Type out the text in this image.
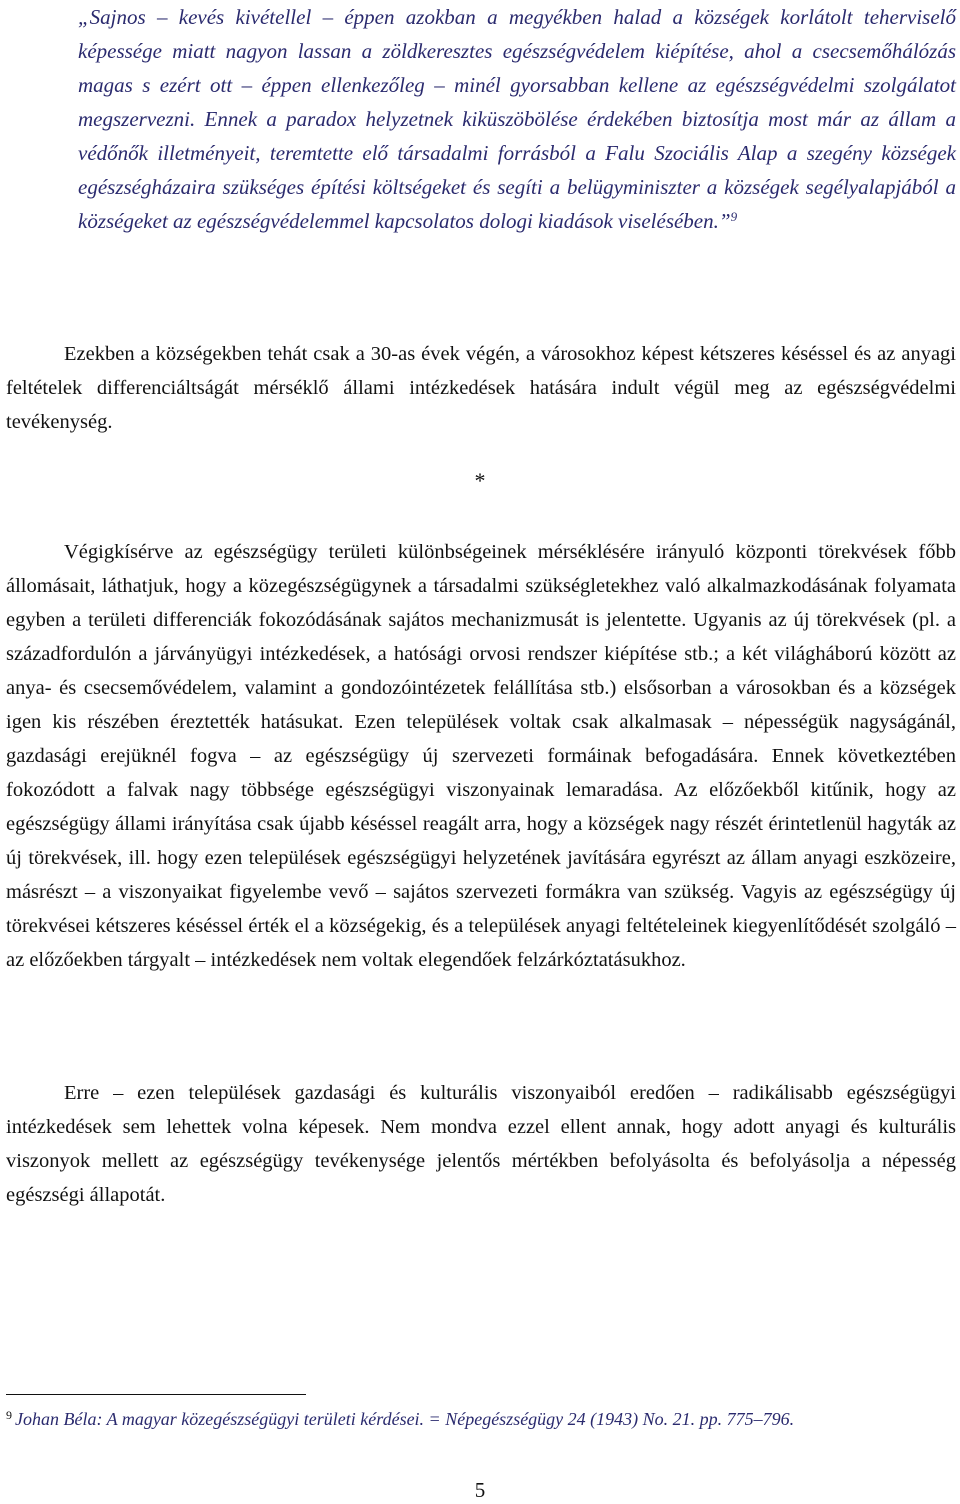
„Sajnos – kevés kivétellel – éppen azokban a megyékben halad a községek korlátolt teherviselő képessége miatt nagyon lassan a zöldkeresztes egészségvédelem kiépítése, ahol a csecsemőhálózás magas s ezért ott – éppen ellenkezőleg – minél gyorsabban kellene az egészségvédelmi szolgálatot megszervezni. Ennek a paradox helyzetnek kiküszöbölése érdekében biztosítja most már az állam a védőnők illetményeit, teremtette elő társadalmi forrásból a Falu Szociális Alap a szegény községek egészségházaira szükséges építési költségeket és segíti a belügyminiszter a községek segélyalapjából a községeket az egészségvédelemmel kapcsolatos dologi kiadások viselésében.”$^9$

Ezekben a községekben tehát csak a 30-as évek végén, a városokhoz képest kétszeres késéssel és az anyagi feltételek differenciáltságát mérséklő állami intézkedések hatására indult végül meg az egészségvédelmi tevékenység.

*

Végigkísérve az egészségügy területi különbségeinek mérséklésére irányuló központi törekvések főbb állomásait, láthatjuk, hogy a közegészségügynek a társadalmi szükségletekhez való alkalmazkodásának folyamata egyben a területi differenciák fokozódásának sajátos mechanizmusát is jelentette. Ugyanis az új törekvések (pl. a századfordulón a járványügyi intézkedések, a hatósági orvosi rendszer kiépítése stb.; a két világháború között az anya- és csecsemővédelem, valamint a gondozóintézetek felállítása stb.) elsősorban a városokban és a községek igen kis részében éreztették hatásukat. Ezen települések voltak csak alkalmasak – népességük nagyságánál, gazdasági erejüknél fogva – az egészségügy új szervezeti formáinak befogadására. Ennek következtében fokozódott a falvak nagy többsége egészségügyi viszonyainak lemaradása. Az előzőekből kitűnik, hogy az egészségügy állami irányítása csak újabb késéssel reagált arra, hogy a községek nagy részét érintetlenül hagyták az új törekvések, ill. hogy ezen települések egészségügyi helyzetének javítására egyrészt az állam anyagi eszközeire, másrészt – a viszonyaikat figyelembe vevő – sajátos szervezeti formákra van szükség. Vagyis az egészségügy új törekvései kétszeres késéssel érték el a községekig, és a települések anyagi feltételeinek kiegyenlítődését szolgáló – az előzőekben tárgyalt – intézkedések nem voltak elegendőek felzárkóztatásukhoz.

Erre – ezen települések gazdasági és kulturális viszonyaiból eredően – radikálisabb egészségügyi intézkedések sem lehettek volna képesek. Nem mondva ezzel ellent annak, hogy adott anyagi és kulturális viszonyok mellett az egészségügy tevékenysége jelentős mértékben befolyásolta és befolyásolja a népesség egészségi állapotát.

$^9$ Johan Béla: A magyar közegészségügyi területi kérdései. = Népegészségügy 24 (1943) No. 21. pp. 775–796.
5
